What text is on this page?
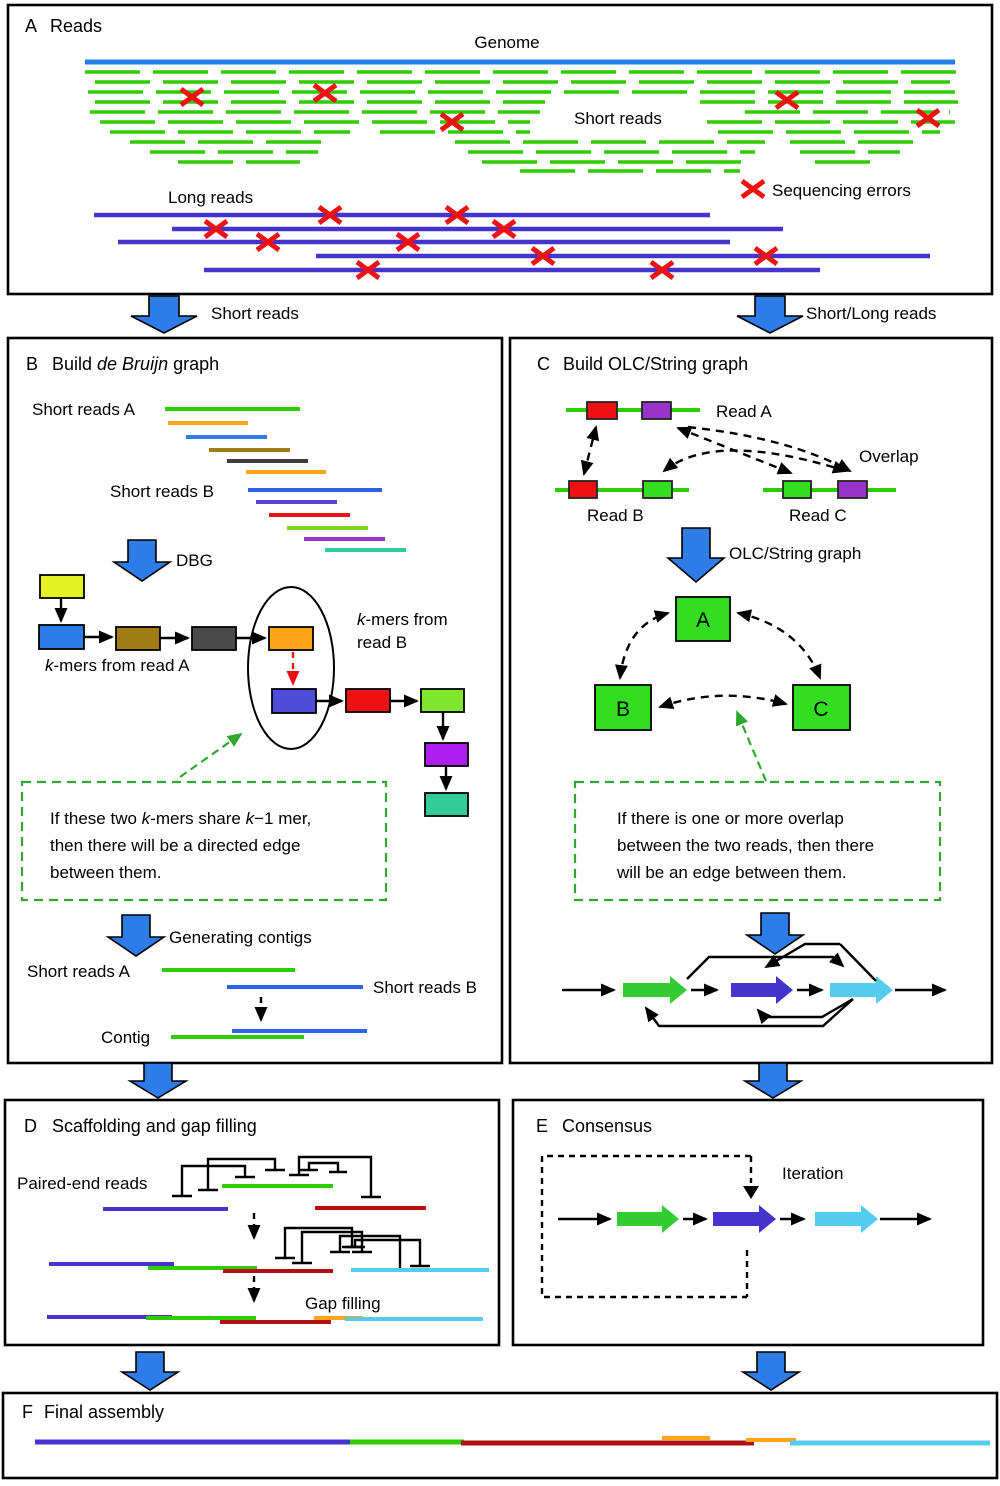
A Reads
Genome
Short reads
Sequencing errors
Long reads
Short reads	Short/Long reads
B Build de Bruijn graph
Short reads A
Short reads B
DBG
k-mers from read A
k-mers from read B
If these two k-mers share k−1 mer,
then there will be a directed edge
between them.
Generating contigs
Short reads A
Short reads B
Contig
C Build OLC/String graph
Read A
Overlap
Read B	Read C
OLC/String graph
A
B	C
If there is one or more overlap
between the two reads, then there
will be an edge between them.
D Scaffolding and gap filling
Paired-end reads
Gap filling
E Consensus
Iteration
F Final assembly
